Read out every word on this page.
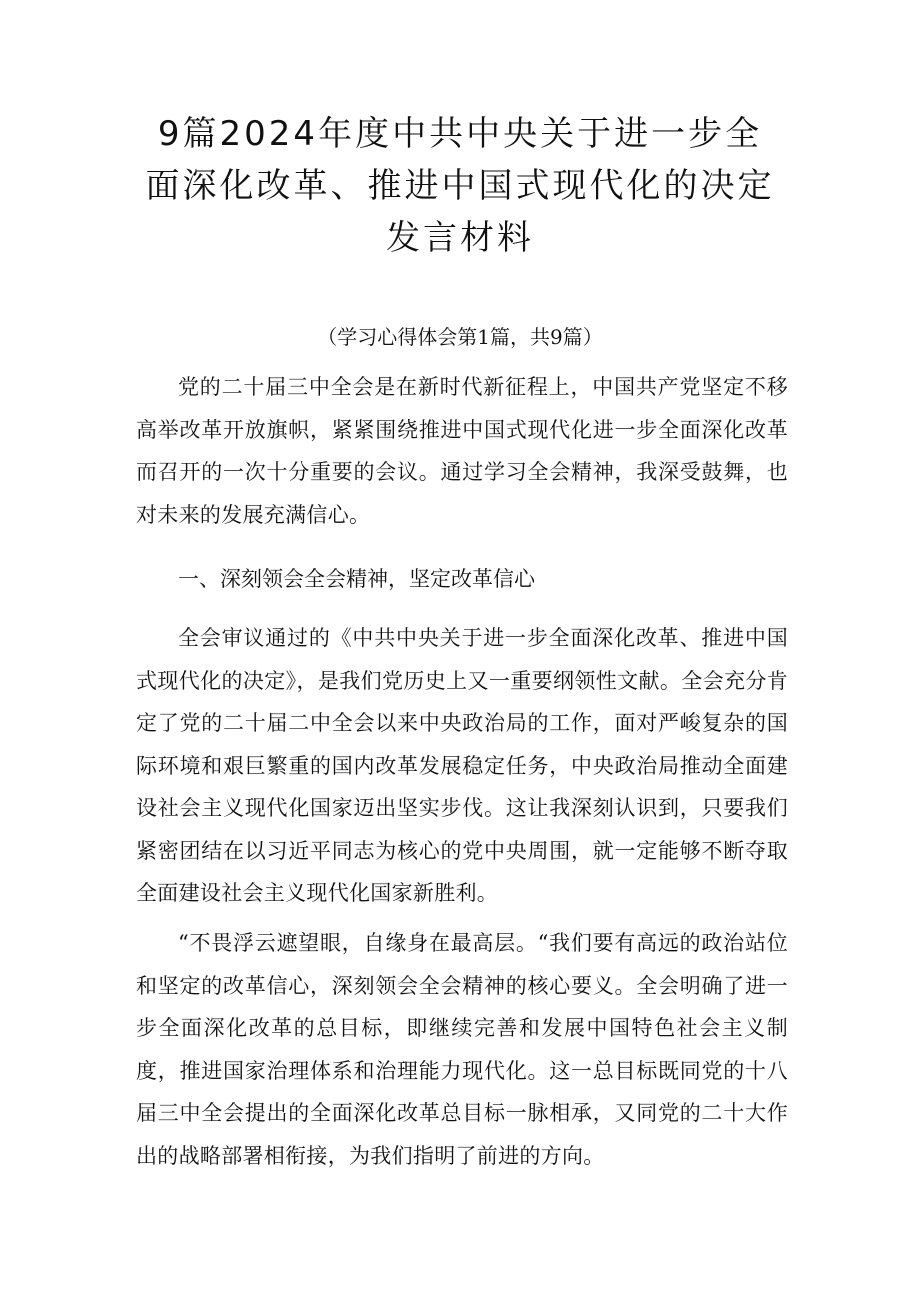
9篇2024年度中共中央关于进一步全面深化改革、推进中国式现代化的决定发言材料

（学习心得体会第1篇，共9篇）

党的二十届三中全会是在新时代新征程上，中国共产党坚定不移高举改革开放旗帜，紧紧围绕推进中国式现代化进一步全面深化改革而召开的一次十分重要的会议。通过学习全会精神，我深受鼓舞，也对未来的发展充满信心。

一、深刻领会全会精神，坚定改革信心

全会审议通过的《中共中央关于进一步全面深化改革、推进中国式现代化的决定》，是我们党历史上又一重要纲领性文献。全会充分肯定了党的二十届二中全会以来中央政治局的工作，面对严峻复杂的国际环境和艰巨繁重的国内改革发展稳定任务，中央政治局推动全面建设社会主义现代化国家迈出坚实步伐。这让我深刻认识到，只要我们紧密团结在以习近平同志为核心的党中央周围，就一定能够不断夺取全面建设社会主义现代化国家新胜利。

“不畏浮云遮望眼，自缘身在最高层。“我们要有高远的政治站位和坚定的改革信心，深刻领会全会精神的核心要义。全会明确了进一步全面深化改革的总目标，即继续完善和发展中国特色社会主义制度，推进国家治理体系和治理能力现代化。这一总目标既同党的十八届三中全会提出的全面深化改革总目标一脉相承，又同党的二十大作出的战略部署相衔接，为我们指明了前进的方向。
